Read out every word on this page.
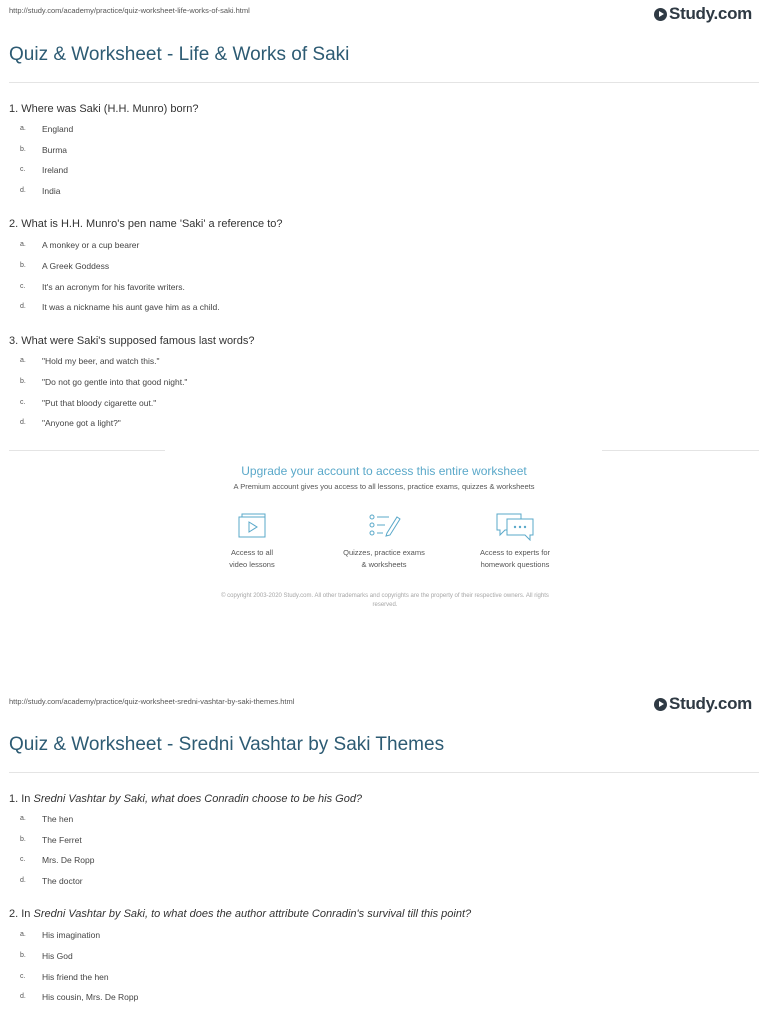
http://study.com/academy/practice/quiz-worksheet-life-works-of-saki.html	Study.com
Quiz & Worksheet - Life & Works of Saki
1. Where was Saki (H.H. Munro) born?
a.	England
b.	Burma
c.	Ireland
d.	India
2. What is H.H. Munro's pen name 'Saki' a reference to?
a.	A monkey or a cup bearer
b.	A Greek Goddess
c.	It's an acronym for his favorite writers.
d.	It was a nickname his aunt gave him as a child.
3. What were Saki's supposed famous last words?
a.	"Hold my beer, and watch this."
b.	"Do not go gentle into that good night."
c.	"Put that bloody cigarette out."
d.	"Anyone got a light?"
Upgrade your account to access this entire worksheet
A Premium account gives you access to all lessons, practice exams, quizzes & worksheets
Access to all
video lessons
Quizzes, practice exams
& worksheets
Access to experts for
homework questions
© copyright 2003-2020 Study.com. All other trademarks and copyrights are the property of their respective owners. All rights
reserved.
http://study.com/academy/practice/quiz-worksheet-sredni-vashtar-by-saki-themes.html	Study.com
Quiz & Worksheet - Sredni Vashtar by Saki Themes
1. In Sredni Vashtar by Saki, what does Conradin choose to be his God?
a.	The hen
b.	The Ferret
c.	Mrs. De Ropp
d.	The doctor
2. In Sredni Vashtar by Saki, to what does the author attribute Conradin's survival till this point?
a.	His imagination
b.	His God
c.	His friend the hen
d.	His cousin, Mrs. De Ropp
